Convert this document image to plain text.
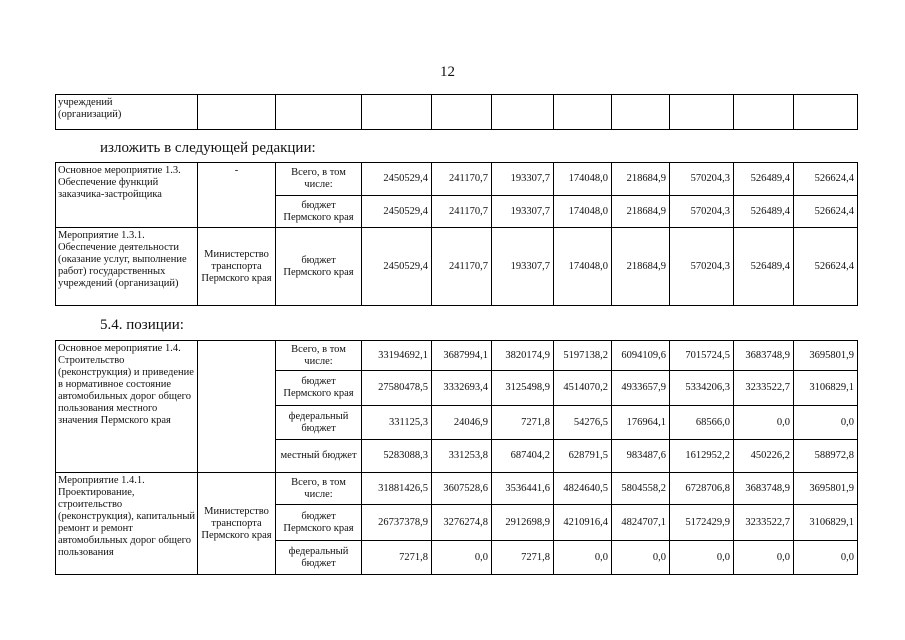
12
учреждений
(организаций)										
изложить в следующей редакции:
Основное мероприятие 1.3. Обеспечение функций заказчика-застройщика	-	Всего, в том числе:	2450529,4	241170,7	193307,7	174048,0	218684,9	570204,3	526489,4	526624,4
		бюджет Пермского края	2450529,4	241170,7	193307,7	174048,0	218684,9	570204,3	526489,4	526624,4
Мероприятие 1.3.1. Обеспечение деятельности (оказание услуг, выполнение работ) государственных учреждений (организаций)	Министерство транспорта Пермского края	бюджет Пермского края	2450529,4	241170,7	193307,7	174048,0	218684,9	570204,3	526489,4	526624,4
5.4. позиции:
Основное мероприятие 1.4. Строительство (реконструкция) и приведение в нормативное состояние автомобильных дорог общего пользования местного значения Пермского края		Всего, в том числе:	33194692,1	3687994,1	3820174,9	5197138,2	6094109,6	7015724,5	3683748,9	3695801,9
		бюджет Пермского края	27580478,5	3332693,4	3125498,9	4514070,2	4933657,9	5334206,3	3233522,7	3106829,1
		федеральный бюджет	331125,3	24046,9	7271,8	54276,5	176964,1	68566,0	0,0	0,0
		местный бюджет	5283088,3	331253,8	687404,2	628791,5	983487,6	1612952,2	450226,2	588972,8
Мероприятие 1.4.1. Проектирование, строительство (реконструкция), капитальный ремонт и ремонт автомобильных дорог общего пользования	Министерство транспорта Пермского края	Всего, в том числе:	31881426,5	3607528,6	3536441,6	4824640,5	5804558,2	6728706,8	3683748,9	3695801,9
		бюджет Пермского края	26737378,9	3276274,8	2912698,9	4210916,4	4824707,1	5172429,9	3233522,7	3106829,1
		федеральный бюджет	7271,8	0,0	7271,8	0,0	0,0	0,0	0,0	0,0
